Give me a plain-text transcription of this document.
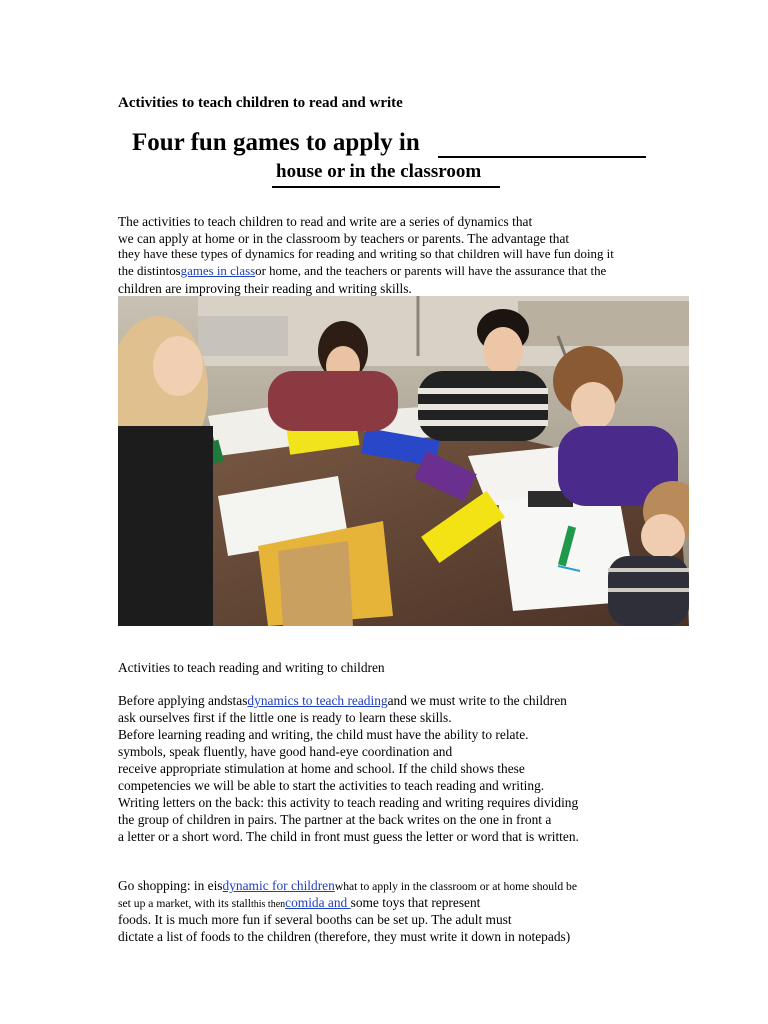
Activities to teach children to read and write
Four fun games to apply in
house or in the classroom
The activities to teach children to read and write are a series of dynamics that
we can apply at home or in the classroom by teachers or parents. The advantage that
they have these types of dynamics for reading and writing so that children will have fun doing it
the distintosgames in classor home, and the teachers or parents will have the assurance that the
children are improving their reading and writing skills.
Activities to teach reading and writing to children
Before applying andstasdynamics to teach readingand we must write to the children
ask ourselves first if the little one is ready to learn these skills.
Before learning reading and writing, the child must have the ability to relate.
symbols, speak fluently, have good hand-eye coordination and
receive appropriate stimulation at home and school. If the child shows these
competencies we will be able to start the activities to teach reading and writing.
Writing letters on the back: this activity to teach reading and writing requires dividing
the group of children in pairs. The partner at the back writes on the one in front a
a letter or a short word. The child in front must guess the letter or word that is written.
Go shopping: in eisdynamic for childrenwhat to apply in the classroom or at home should be
set up a market, with its stallthis thencomida and some toys that represent
foods. It is much more fun if several booths can be set up. The adult must
dictate a list of foods to the children (therefore, they must write it down in notepads)
